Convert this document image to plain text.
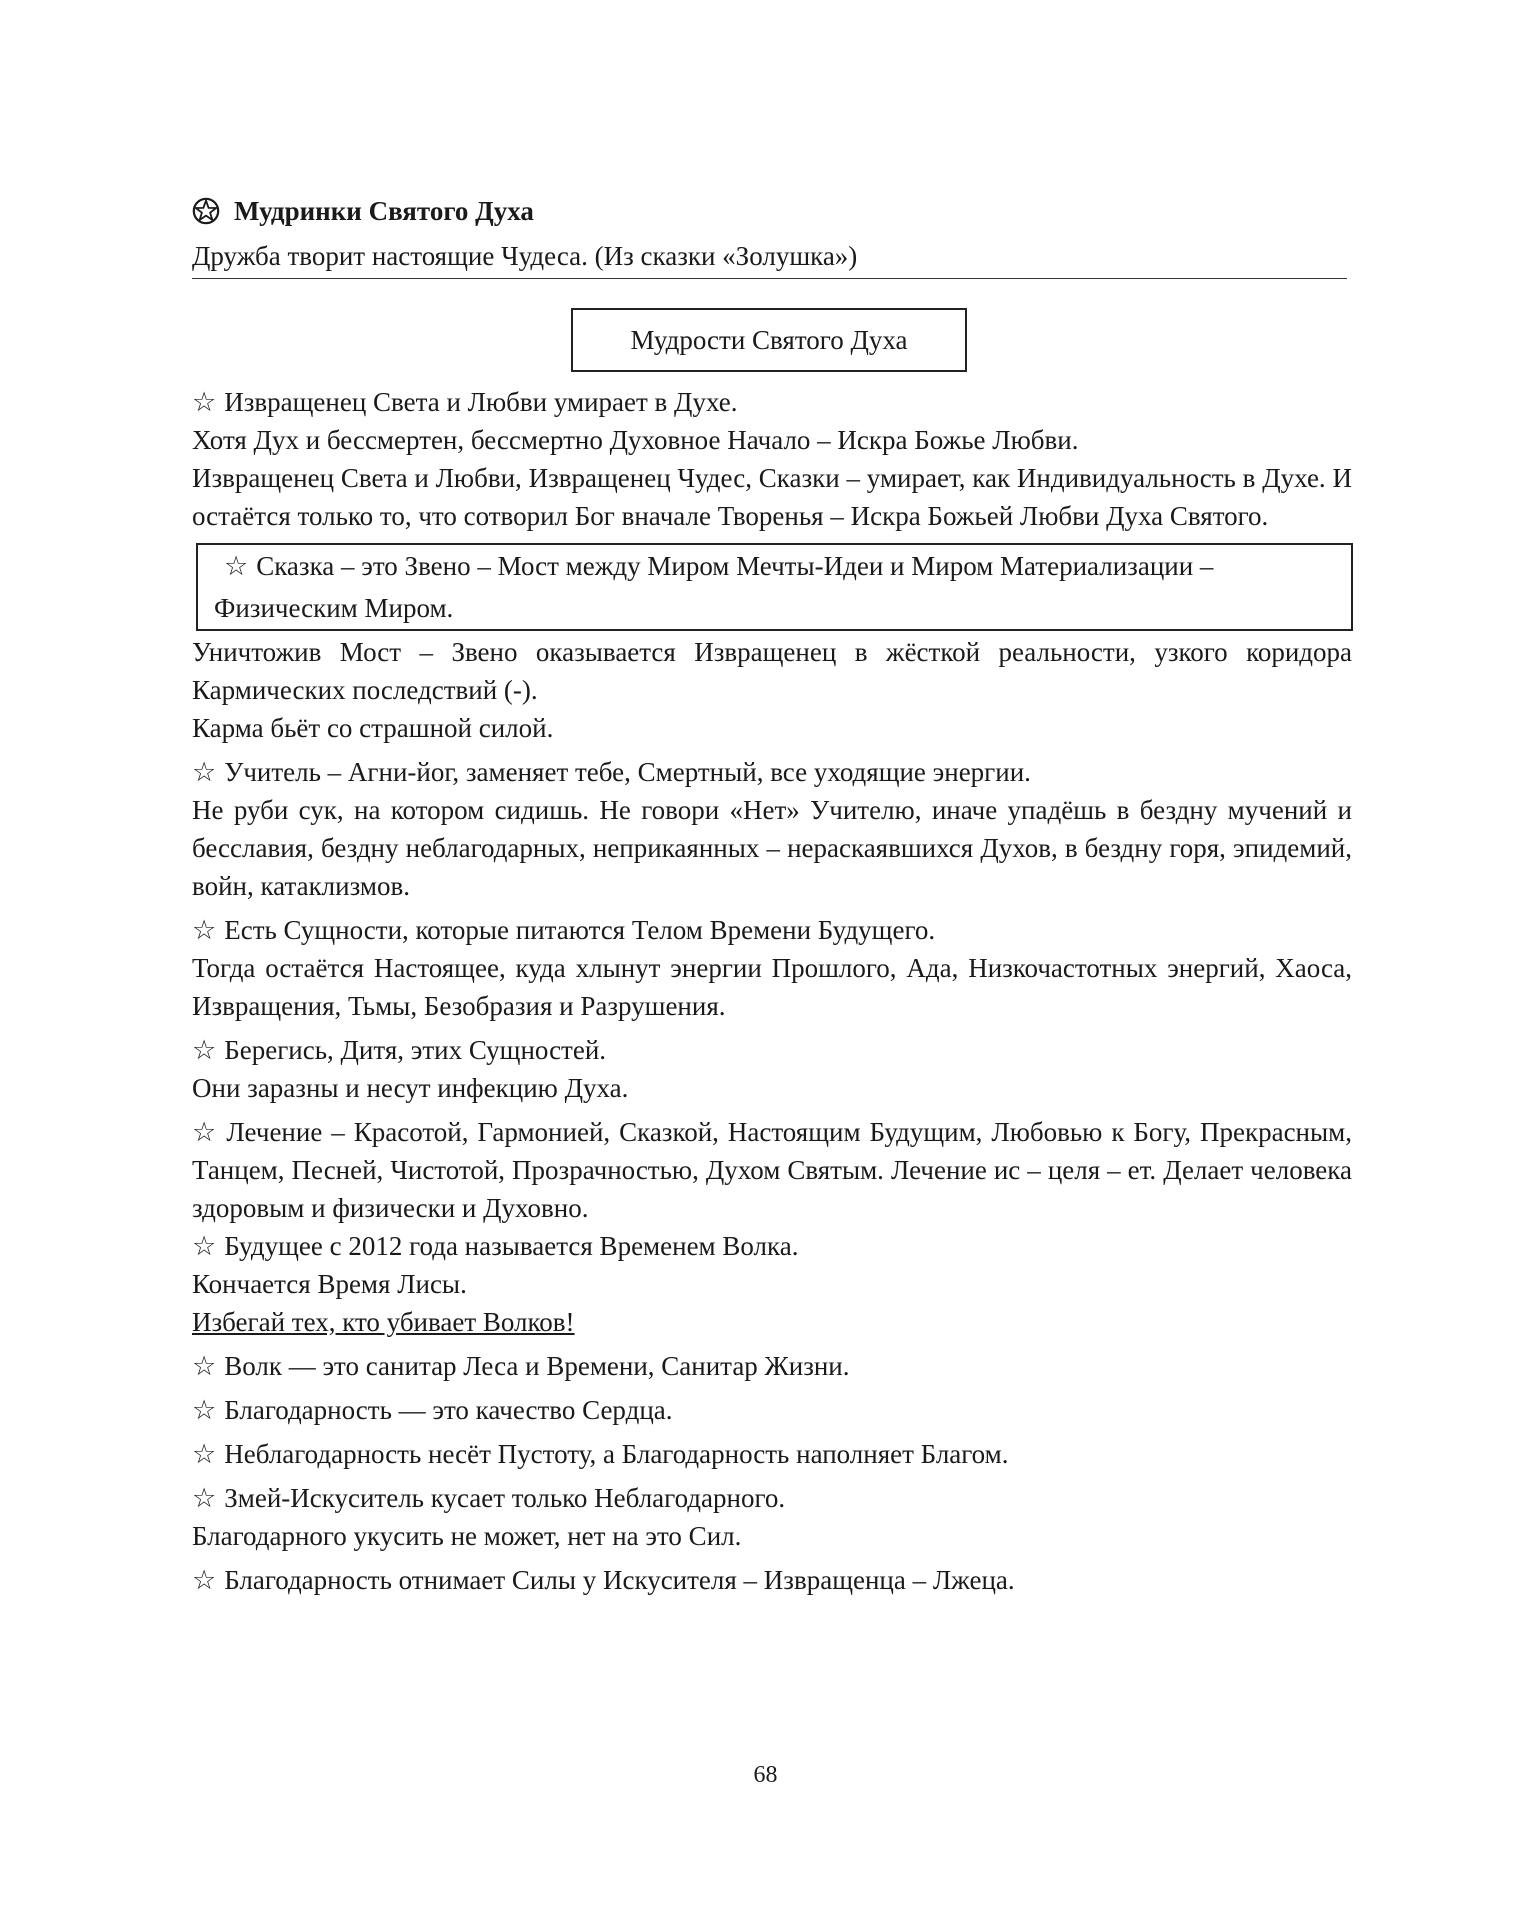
Мудринки Святого Духа
Дружба творит настоящие Чудеса. (Из сказки «Золушка»)
Мудрости Святого Духа

☆ Извращенец Света и Любви умирает в Духе.

Хотя Дух и бессмертен, бессмертно Духовное Начало – Искра Божье Любви.

Извращенец Света и Любви, Извращенец Чудес, Сказки – умирает, как Индивидуальность в Духе. И остаётся только то, что сотворил Бог вначале Творенья – Искра Божьей Любви Духа Святого.

☆ Сказка – это Звено – Мост между Миром Мечты-Идеи и Миром Материализации – Физическим Миром.

Уничтожив Мост – Звено оказывается Извращенец в жёсткой реальности, узкого коридора Кармических последствий (-).

Карма бьёт со страшной силой.

☆ Учитель – Агни-йог, заменяет тебе, Смертный, все уходящие энергии.

Не руби сук, на котором сидишь. Не говори «Нет» Учителю, иначе упадёшь в бездну мучений и бесславия, бездну неблагодарных, неприкаянных – нераскаявшихся Духов, в бездну горя, эпидемий, войн, катаклизмов.

☆ Есть Сущности, которые питаются Телом Времени Будущего.

Тогда остаётся Настоящее, куда хлынут энергии Прошлого, Ада, Низкочастотных энергий, Хаоса, Извращения, Тьмы, Безобразия и Разрушения.

☆ Берегись, Дитя, этих Сущностей.

Они заразны и несут инфекцию Духа.

☆ Лечение – Красотой, Гармонией, Сказкой, Настоящим Будущим, Любовью к Богу, Прекрасным, Танцем, Песней, Чистотой, Прозрачностью, Духом Святым. Лечение ис – целя – ет. Делает человека здоровым и физически и Духовно.

☆ Будущее с 2012 года называется Временем Волка.

Кончается Время Лисы.

Избегай тех, кто убивает Волков!

☆ Волк — это санитар Леса и Времени, Санитар Жизни.

☆ Благодарность — это качество Сердца.

☆ Неблагодарность несёт Пустоту, а Благодарность наполняет Благом.

☆ Змей-Искуситель кусает только Неблагодарного.

Благодарного укусить не может, нет на это Сил.

☆ Благодарность отнимает Силы у Искусителя – Извращенца – Лжеца.

68
